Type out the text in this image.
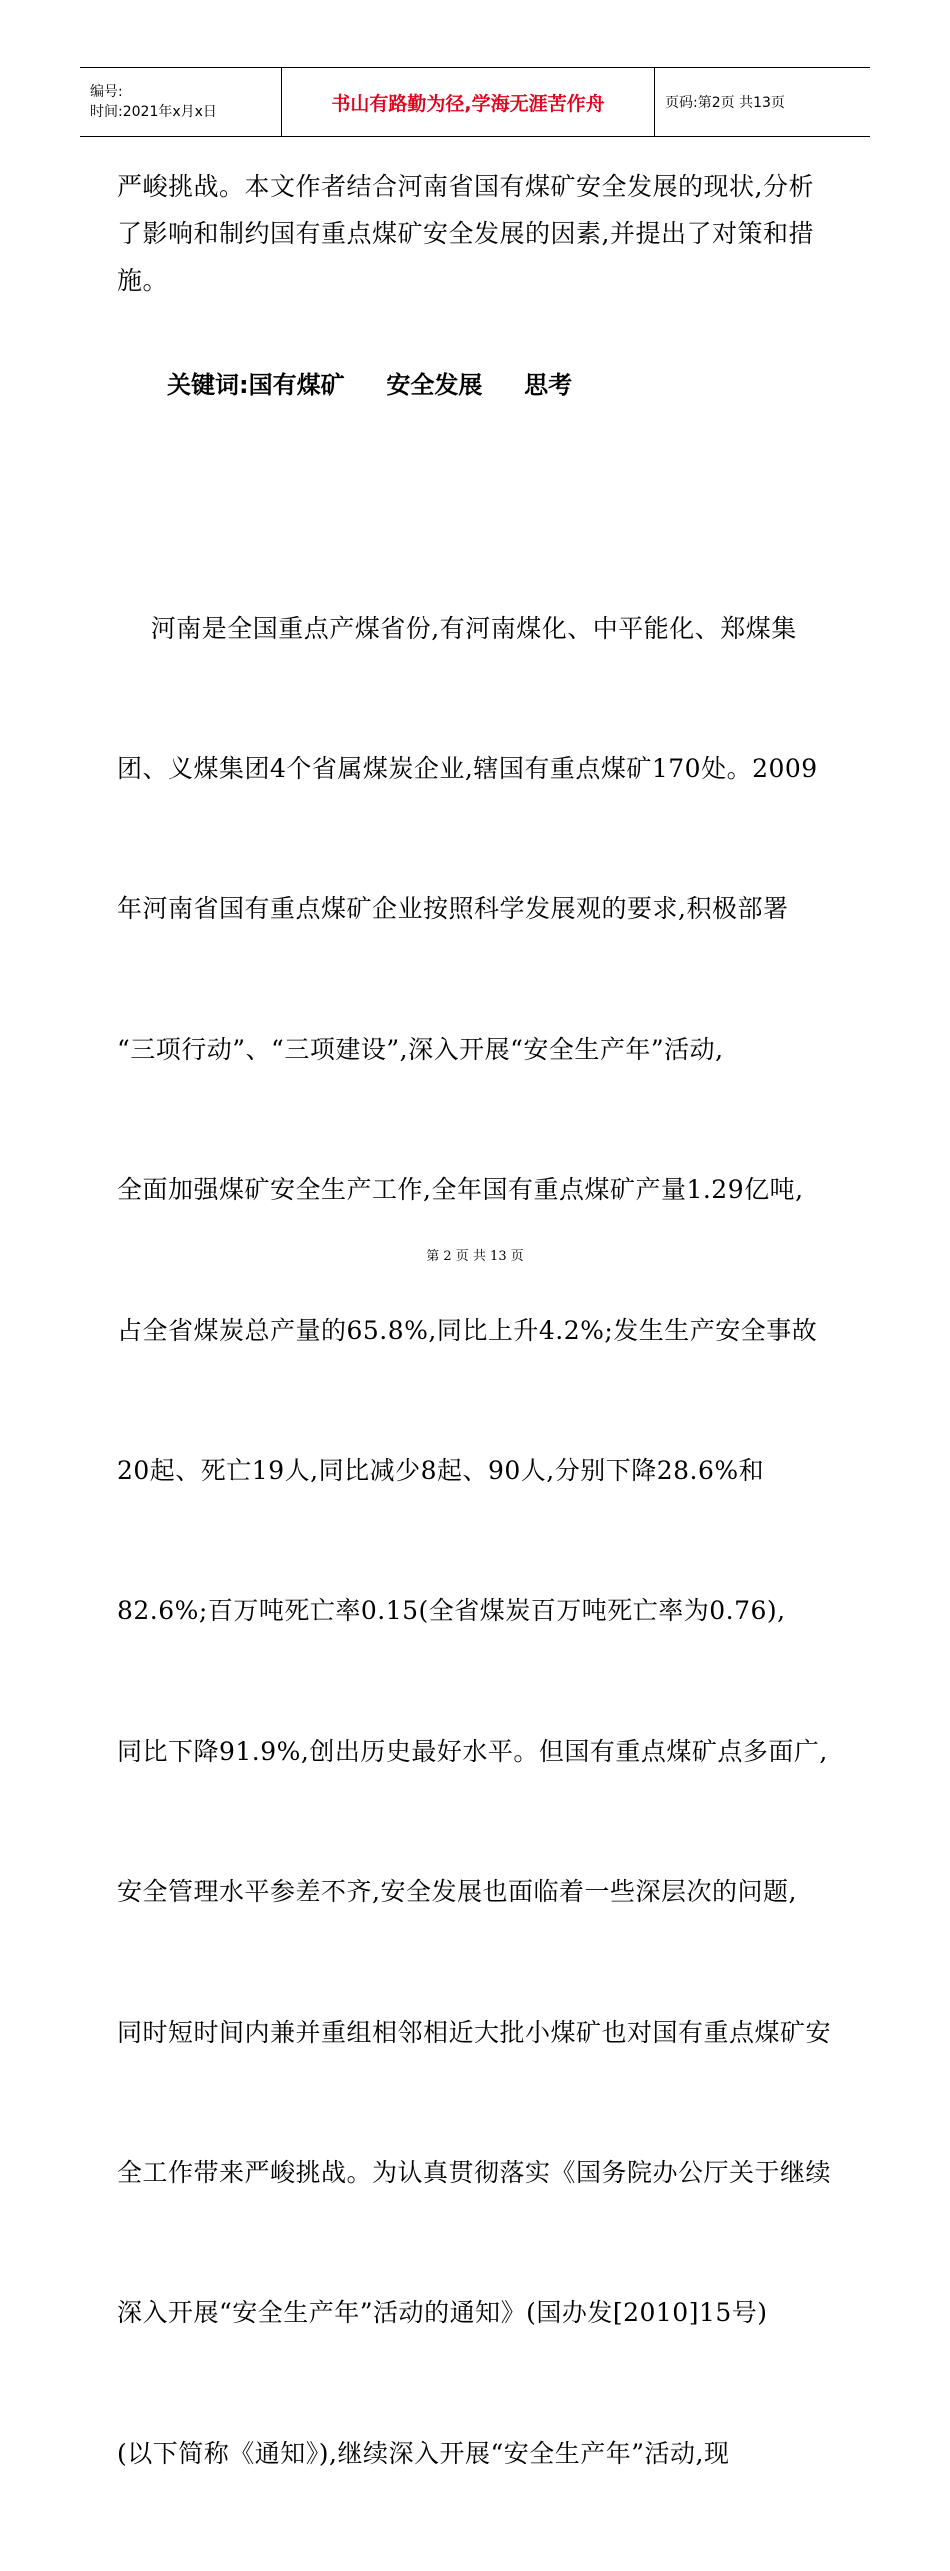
编号:
时间:2021年x月x日	书山有路勤为径,学海无涯苦作舟	页码:第2页 共13页

严峻挑战。本文作者结合河南省国有煤矿安全发展的现状,分析
了影响和制约国有重点煤矿安全发展的因素,并提出了对策和措
施。

关键词:国有煤矿     安全发展     思考

河南是全国重点产煤省份,有河南煤化、中平能化、郑煤集

团、义煤集团4个省属煤炭企业,辖国有重点煤矿170处。2009

年河南省国有重点煤矿企业按照科学发展观的要求,积极部署

“三项行动”、“三项建设”,深入开展“安全生产年”活动,

全面加强煤矿安全生产工作,全年国有重点煤矿产量1.29亿吨,

占全省煤炭总产量的65.8%,同比上升4.2%;发生生产安全事故

20起、死亡19人,同比减少8起、90人,分别下降28.6%和

82.6%;百万吨死亡率0.15(全省煤炭百万吨死亡率为0.76),

同比下降91.9%,创出历史最好水平。但国有重点煤矿点多面广,

安全管理水平参差不齐,安全发展也面临着一些深层次的问题,

同时短时间内兼并重组相邻相近大批小煤矿也对国有重点煤矿安

全工作带来严峻挑战。为认真贯彻落实《国务院办公厅关于继续

深入开展“安全生产年”活动的通知》(国办发[2010]15号)

(以下简称《通知》),继续深入开展“安全生产年”活动,现

第 2 页 共 13 页
